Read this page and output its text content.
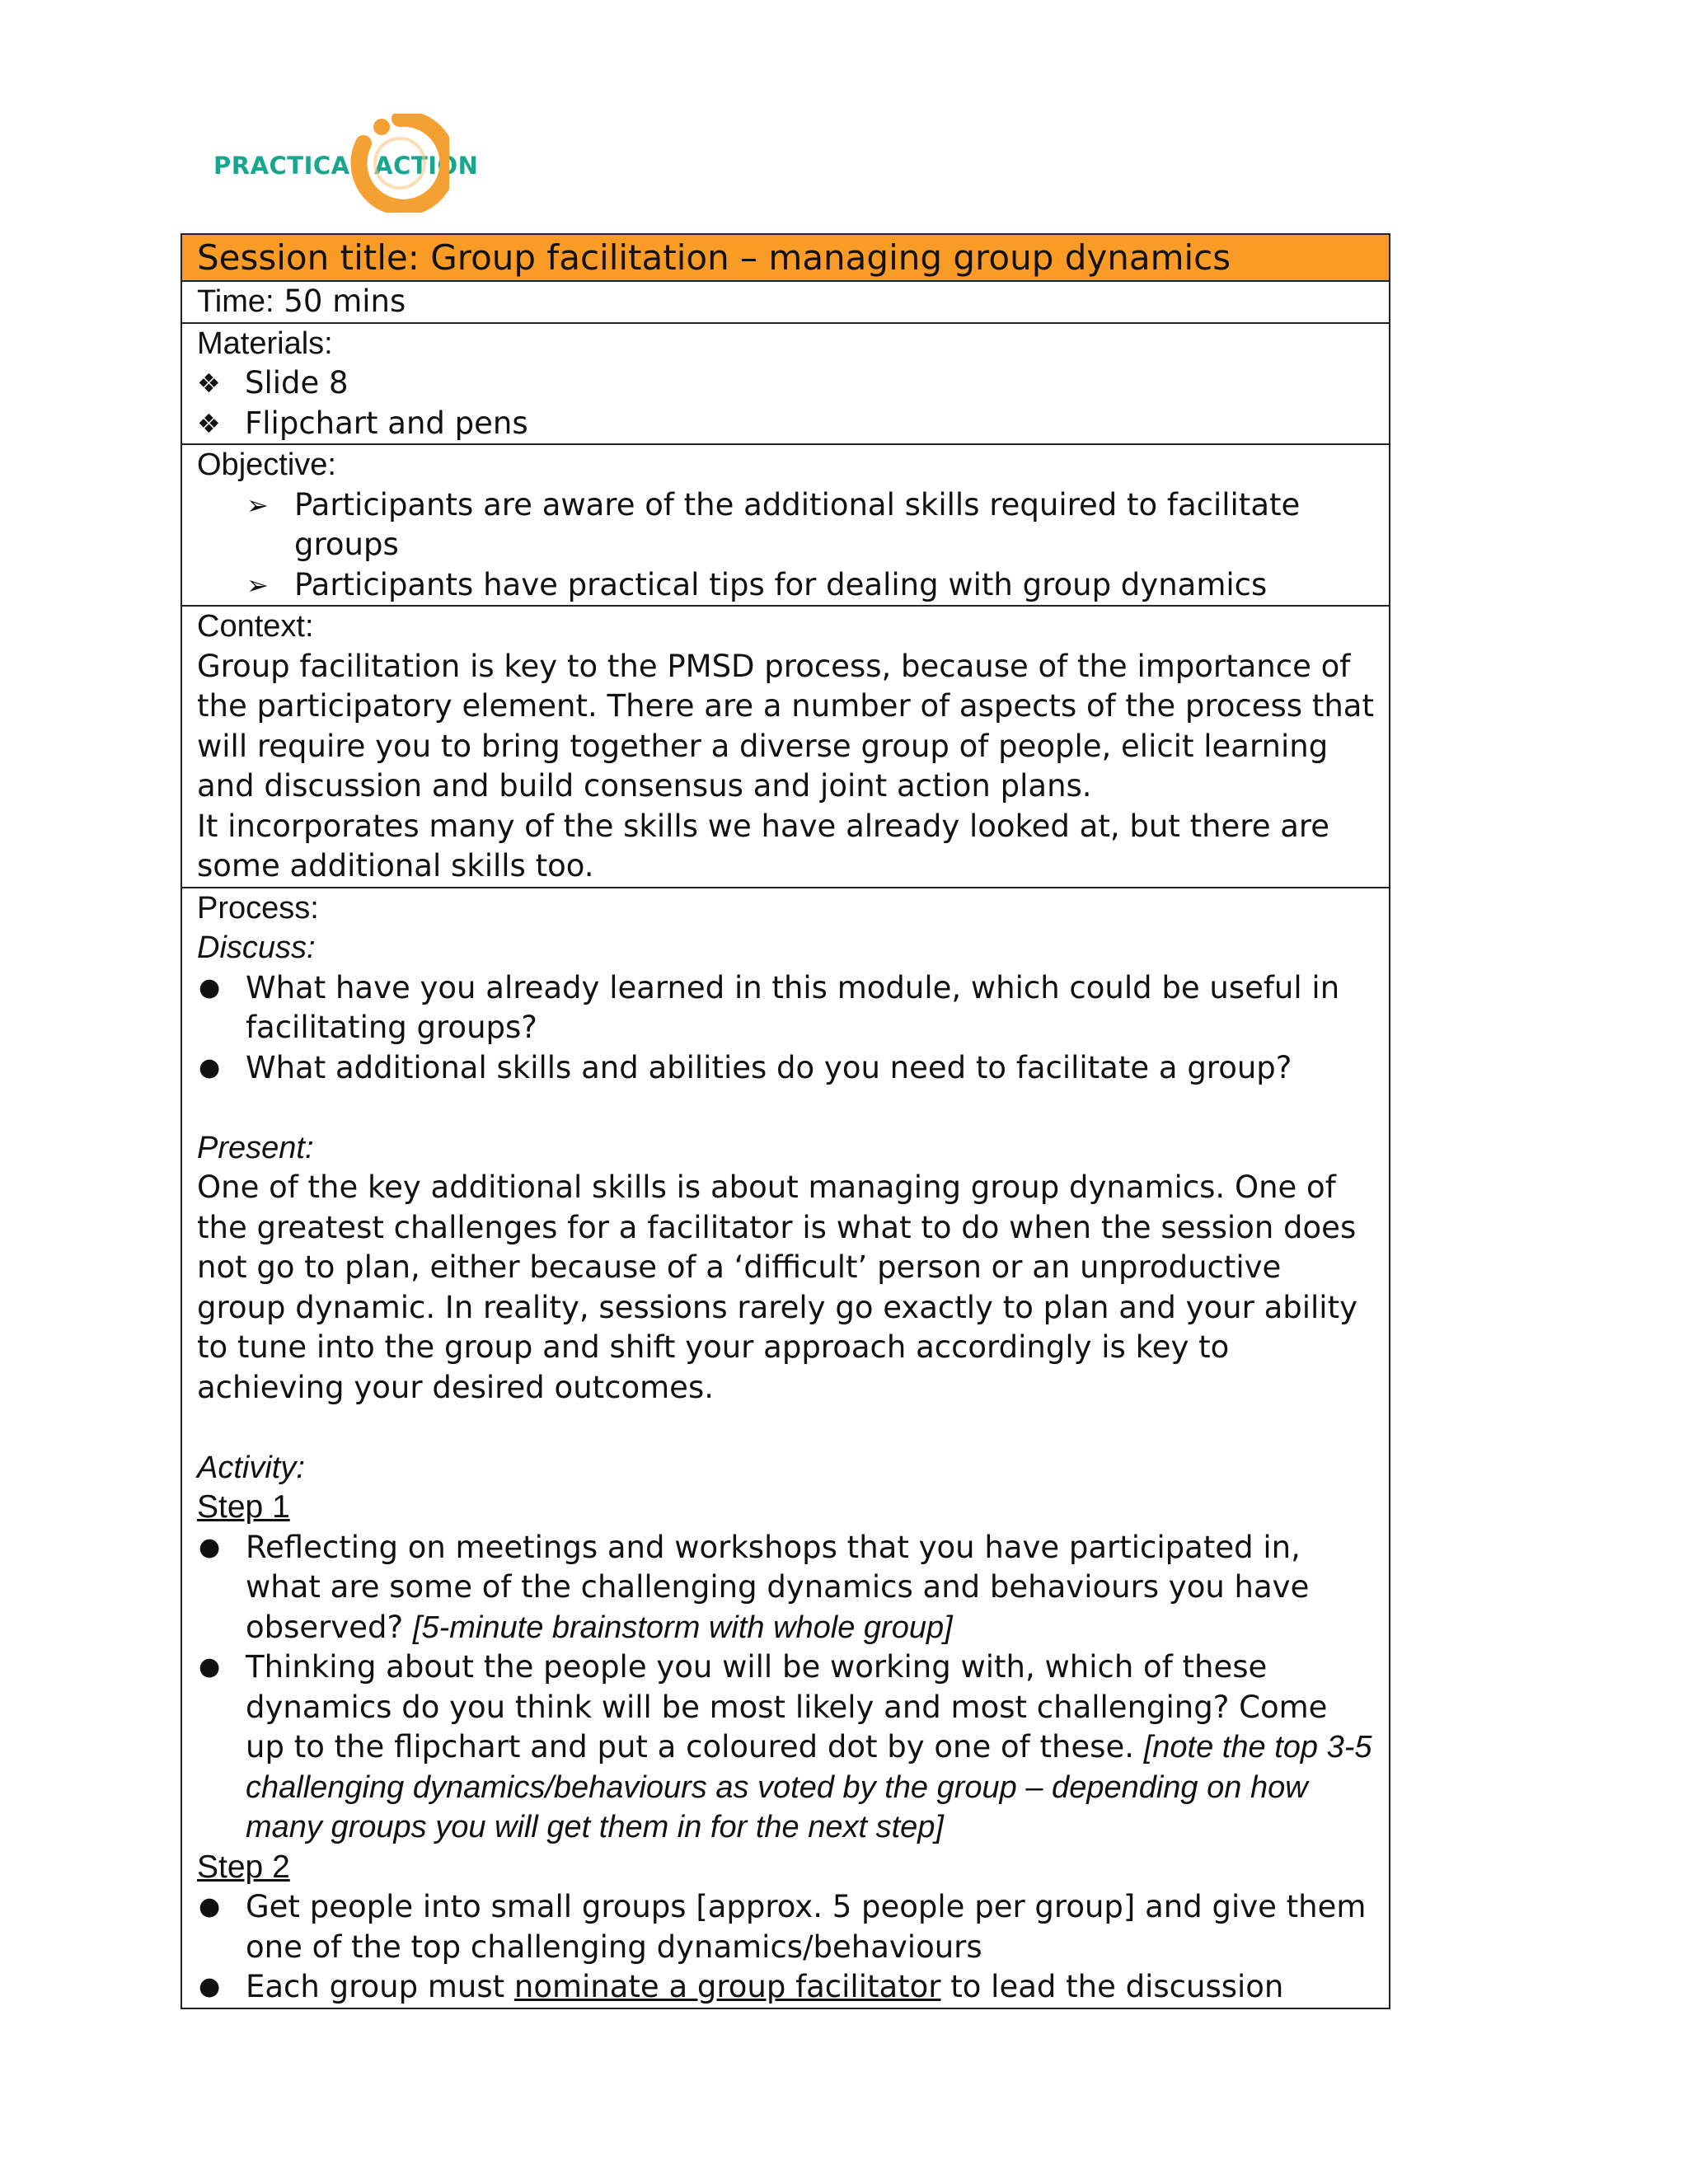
PRACTICAL ACTION
Session title: Group facilitation – managing group dynamics
Time: 50 mins
Materials:
❖ Slide 8
❖ Flipchart and pens

Objective:
➢ Participants are aware of the additional skills required to facilitate groups
➢ Participants have practical tips for dealing with group dynamics

Context:
Group facilitation is key to the PMSD process, because of the importance of the participatory element. There are a number of aspects of the process that will require you to bring together a diverse group of people, elicit learning and discussion and build consensus and joint action plans.
It incorporates many of the skills we have already looked at, but there are some additional skills too.

Process:
Discuss:
● What have you already learned in this module, which could be useful in facilitating groups?
● What additional skills and abilities do you need to facilitate a group?
Present:
One of the key additional skills is about managing group dynamics. One of the greatest challenges for a facilitator is what to do when the session does not go to plan, either because of a ‘difficult’ person or an unproductive group dynamic. In reality, sessions rarely go exactly to plan and your ability to tune into the group and shift your approach accordingly is key to achieving your desired outcomes.
Activity:
Step 1
● Reflecting on meetings and workshops that you have participated in, what are some of the challenging dynamics and behaviours you have observed? [5-minute brainstorm with whole group]
● Thinking about the people you will be working with, which of these dynamics do you think will be most likely and most challenging? Come up to the flipchart and put a coloured dot by one of these. [note the top 3-5 challenging dynamics/behaviours as voted by the group – depending on how many groups you will get them in for the next step]
Step 2
● Get people into small groups [approx. 5 people per group] and give them one of the top challenging dynamics/behaviours
● Each group must nominate a group facilitator to lead the discussion
